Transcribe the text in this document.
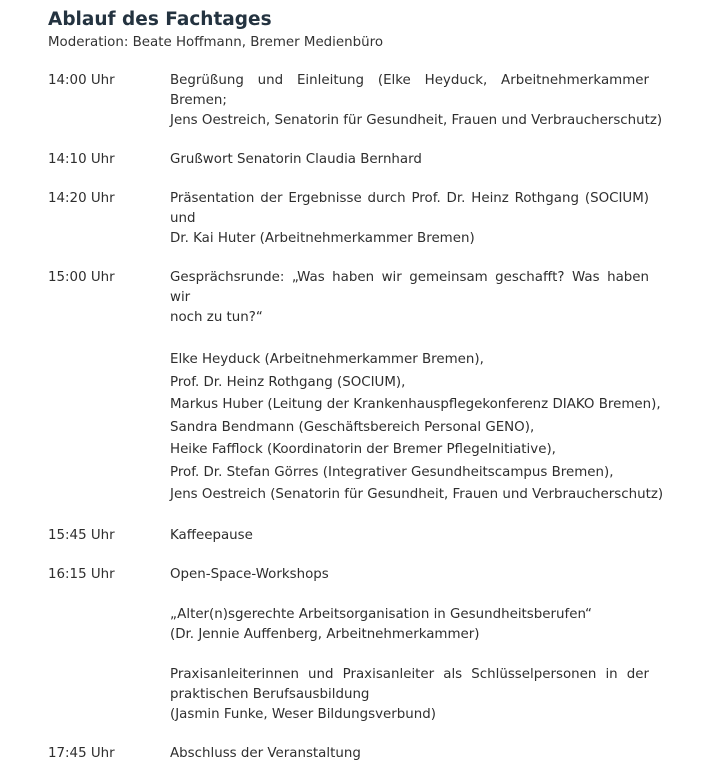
Ablauf des Fachtages
Moderation: Beate Hoffmann, Bremer Medienbüro
14:00 Uhr	Begrüßung und Einleitung (Elke Heyduck, Arbeitnehmerkammer Bremen;
Jens Oestreich, Senatorin für Gesundheit, Frauen und Verbraucherschutz)
14:10 Uhr	Grußwort Senatorin Claudia Bernhard
14:20 Uhr	Präsentation der Ergebnisse durch Prof. Dr. Heinz Rothgang (SOCIUM) und
Dr. Kai Huter (Arbeitnehmerkammer Bremen)
15:00 Uhr	Gesprächsrunde: „Was haben wir gemeinsam geschafft? Was haben wir
noch zu tun?“
Elke Heyduck (Arbeitnehmerkammer Bremen),
Prof. Dr. Heinz Rothgang (SOCIUM),
Markus Huber (Leitung der Krankenhauspflegekonferenz DIAKO Bremen),
Sandra Bendmann (Geschäftsbereich Personal GENO),
Heike Fafflock (Koordinatorin der Bremer PflegeInitiative),
Prof. Dr. Stefan Görres (Integrativer Gesundheitscampus Bremen),
Jens Oestreich (Senatorin für Gesundheit, Frauen und Verbraucherschutz)
15:45 Uhr	Kaffeepause
16:15 Uhr	Open-Space-Workshops
„Alter(n)sgerechte Arbeitsorganisation in Gesundheitsberufen“
(Dr. Jennie Auffenberg, Arbeitnehmerkammer)
Praxisanleiterinnen und Praxisanleiter als Schlüsselpersonen in der
praktischen Berufsausbildung
(Jasmin Funke, Weser Bildungsverbund)
17:45 Uhr	Abschluss der Veranstaltung
